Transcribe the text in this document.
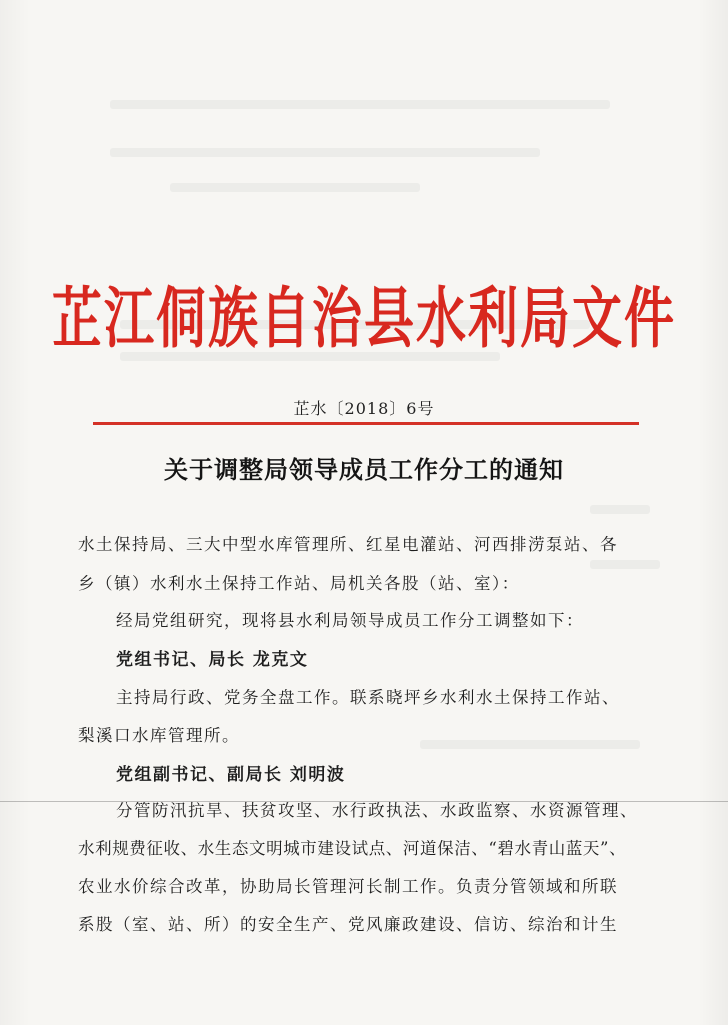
芷江侗族自治县水利局文件
芷水〔2018〕6号
关于调整局领导成员工作分工的通知
水土保持局、三大中型水库管理所、红星电灌站、河西排涝泵站、各
乡（镇）水利水土保持工作站、局机关各股（站、室）：
经局党组研究，现将县水利局领导成员工作分工调整如下：
党组书记、局长 龙克文
主持局行政、党务全盘工作。联系晓坪乡水利水土保持工作站、
梨溪口水库管理所。
党组副书记、副局长 刘明波
分管防汛抗旱、扶贫攻坚、水行政执法、水政监察、水资源管理、
水利规费征收、水生态文明城市建设试点、河道保洁、“碧水青山蓝天”、
农业水价综合改革，协助局长管理河长制工作。负责分管领域和所联
系股（室、站、所）的安全生产、党风廉政建设、信访、综治和计生
